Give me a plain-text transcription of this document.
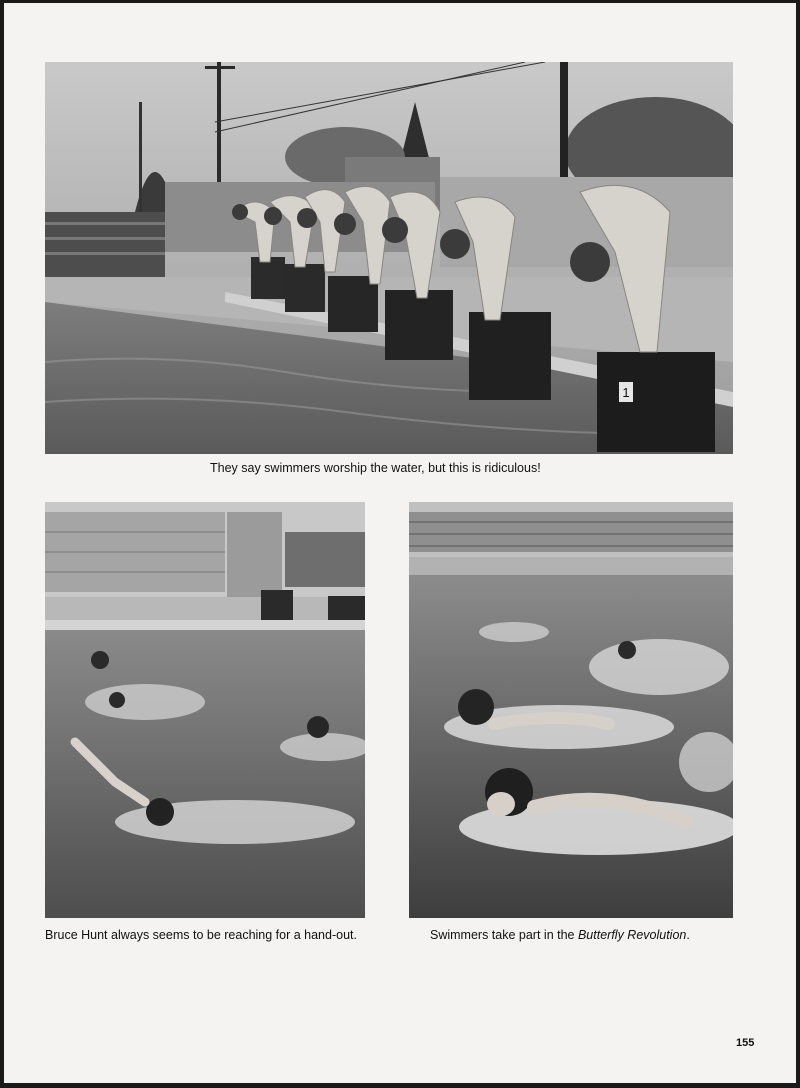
1
They say swimmers worship the water, but this is ridiculous!
Bruce Hunt always seems to be reaching for a hand-out.	Swimmers take part in the Butterfly Revolution.
155
